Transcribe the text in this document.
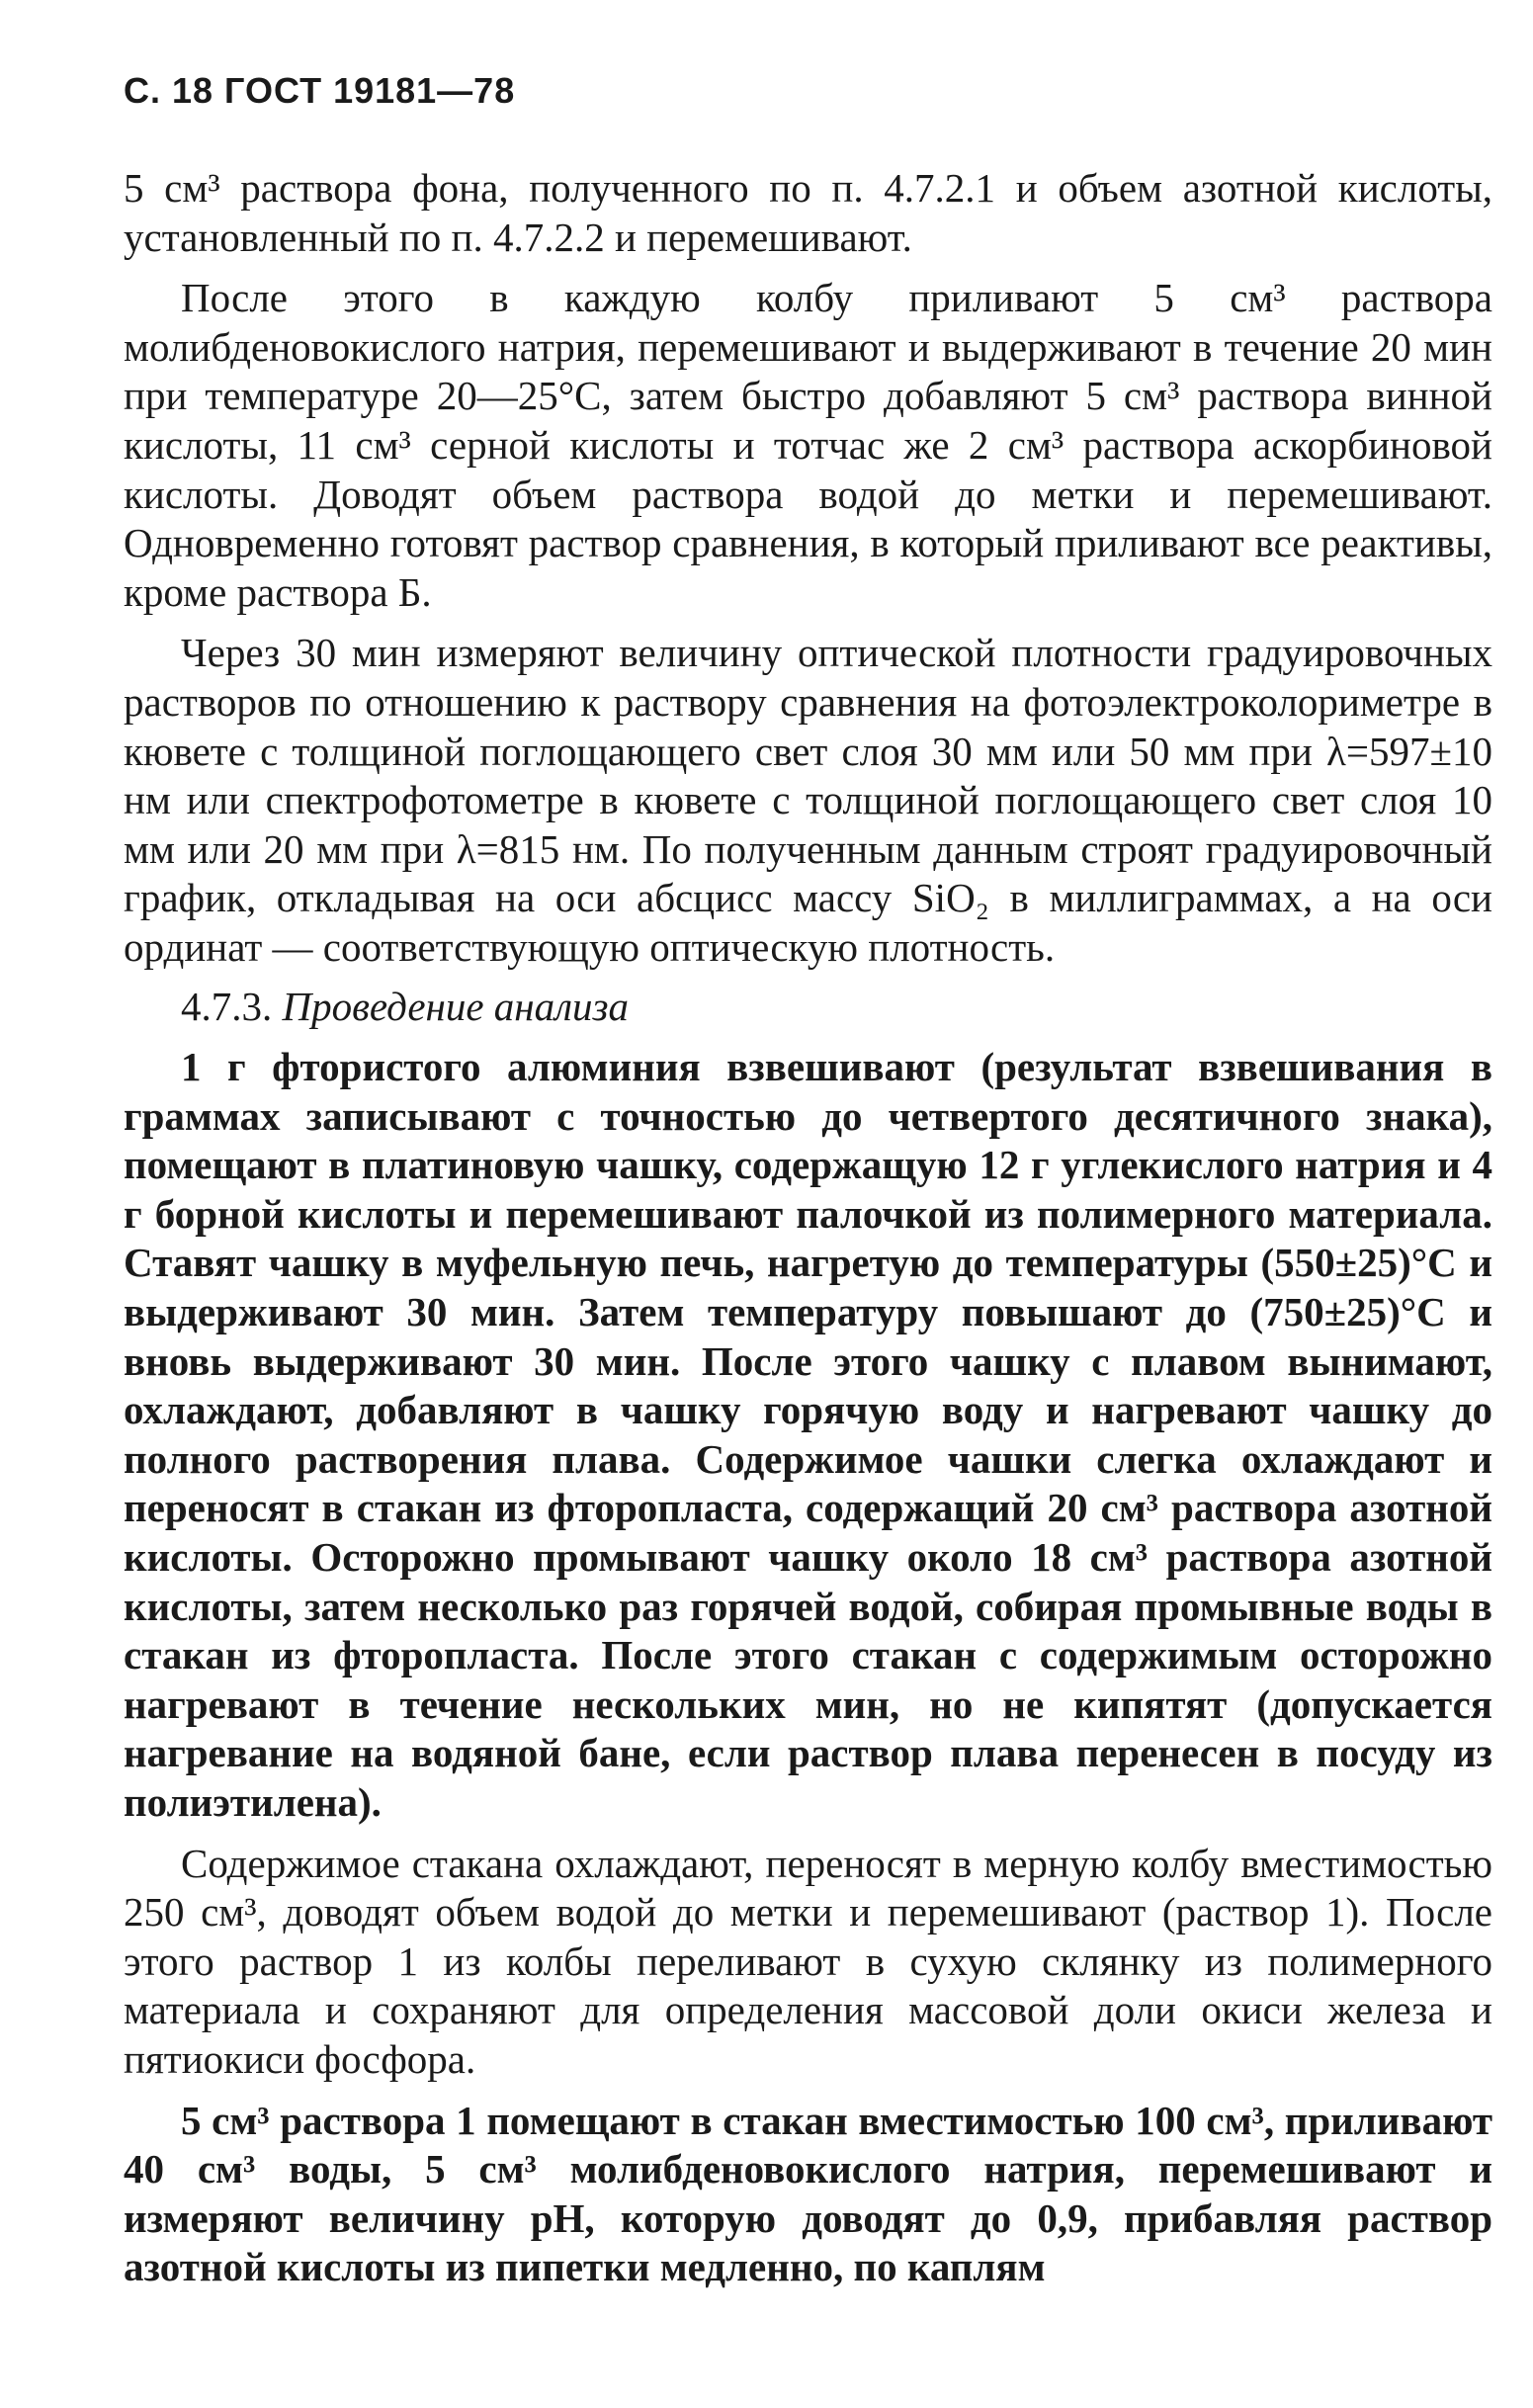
С. 18 ГОСТ 19181—78

5 см³ раствора фона, полученного по п. 4.7.2.1 и объем азотной кислоты, установленный по п. 4.7.2.2 и перемешивают.

После этого в каждую колбу приливают 5 см³ раствора молибденовокислого натрия, перемешивают и выдерживают в течение 20 мин при температуре 20—25°С, затем быстро добавляют 5 см³ раствора винной кислоты, 11 см³ серной кислоты и тотчас же 2 см³ раствора аскорбиновой кислоты. Доводят объем раствора водой до метки и перемешивают. Одновременно готовят раствор сравнения, в который приливают все реактивы, кроме раствора Б.

Через 30 мин измеряют величину оптической плотности градуировочных растворов по отношению к раствору сравнения на фотоэлектроколориметре в кювете с толщиной поглощающего свет слоя 30 мм или 50 мм при λ=597±10 нм или спектрофотометре в кювете с толщиной поглощающего свет слоя 10 мм или 20 мм при λ=815 нм. По полученным данным строят градуировочный график, откладывая на оси абсцисс массу SiO₂ в миллиграммах, а на оси ординат — соответствующую оптическую плотность.

4.7.3. Проведение анализа

1 г фтористого алюминия взвешивают (результат взвешивания в граммах записывают с точностью до четвертого десятичного знака), помещают в платиновую чашку, содержащую 12 г углекислого натрия и 4 г борной кислоты и перемешивают палочкой из полимерного материала. Ставят чашку в муфельную печь, нагретую до температуры (550±25)°С и выдерживают 30 мин. Затем температуру повышают до (750±25)°С и вновь выдерживают 30 мин. После этого чашку с плавом вынимают, охлаждают, добавляют в чашку горячую воду и нагревают чашку до полного растворения плава. Содержимое чашки слегка охлаждают и переносят в стакан из фторопласта, содержащий 20 см³ раствора азотной кислоты. Осторожно промывают чашку около 18 см³ раствора азотной кислоты, затем несколько раз горячей водой, собирая промывные воды в стакан из фторопласта. После этого стакан с содержимым осторожно нагревают в течение нескольких мин, но не кипятят (допускается нагревание на водяной бане, если раствор плава перенесен в посуду из полиэтилена).

Содержимое стакана охлаждают, переносят в мерную колбу вместимостью 250 см³, доводят объем водой до метки и перемешивают (раствор 1). После этого раствор 1 из колбы переливают в сухую склянку из полимерного материала и сохраняют для определения массовой доли окиси железа и пятиокиси фосфора.

5 см³ раствора 1 помещают в стакан вместимостью 100 см³, приливают 40 см³ воды, 5 см³ молибденовокислого натрия, перемешивают и измеряют величину рН, которую доводят до 0,9, прибавляя раствор азотной кислоты из пипетки медленно, по каплям
